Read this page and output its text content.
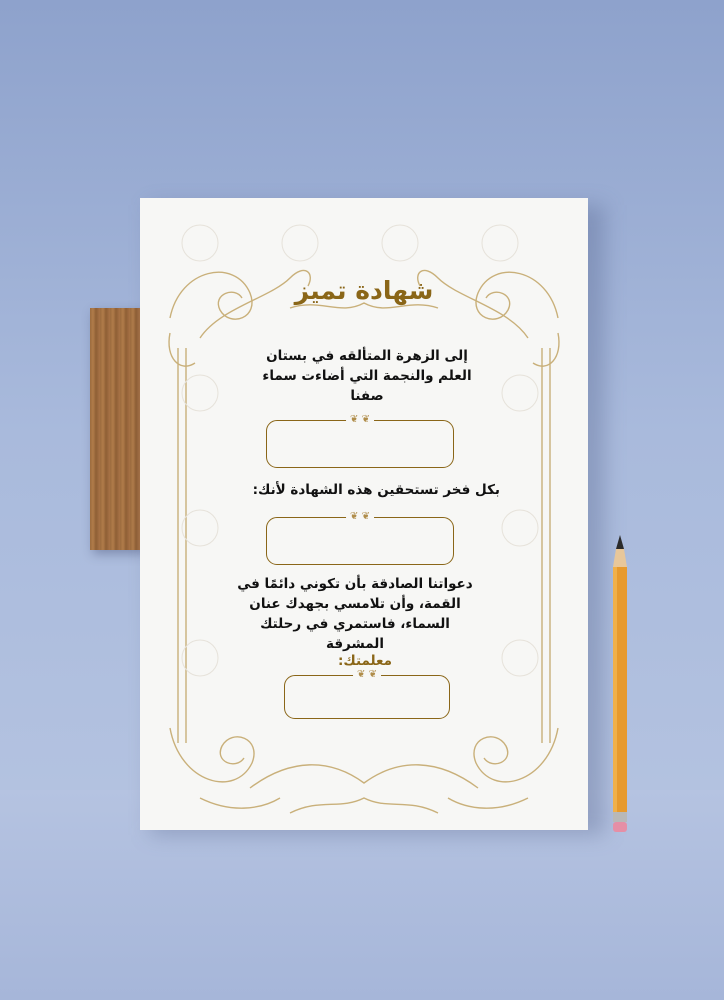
شهادة تميز
إلى الزهرة المتألقه في بستان العلم والنجمة التي أضاءت سماء صفنا
❦ ❦
بكل فخر تستحقين هذه الشهادة لأنك:
❦ ❦
دعواتنا الصادقة بأن تكوني دائمًا في القمة، وأن تلامسي بجهدك عنان السماء، فاستمري في رحلتك المشرقة
معلمتك:
❦ ❦
